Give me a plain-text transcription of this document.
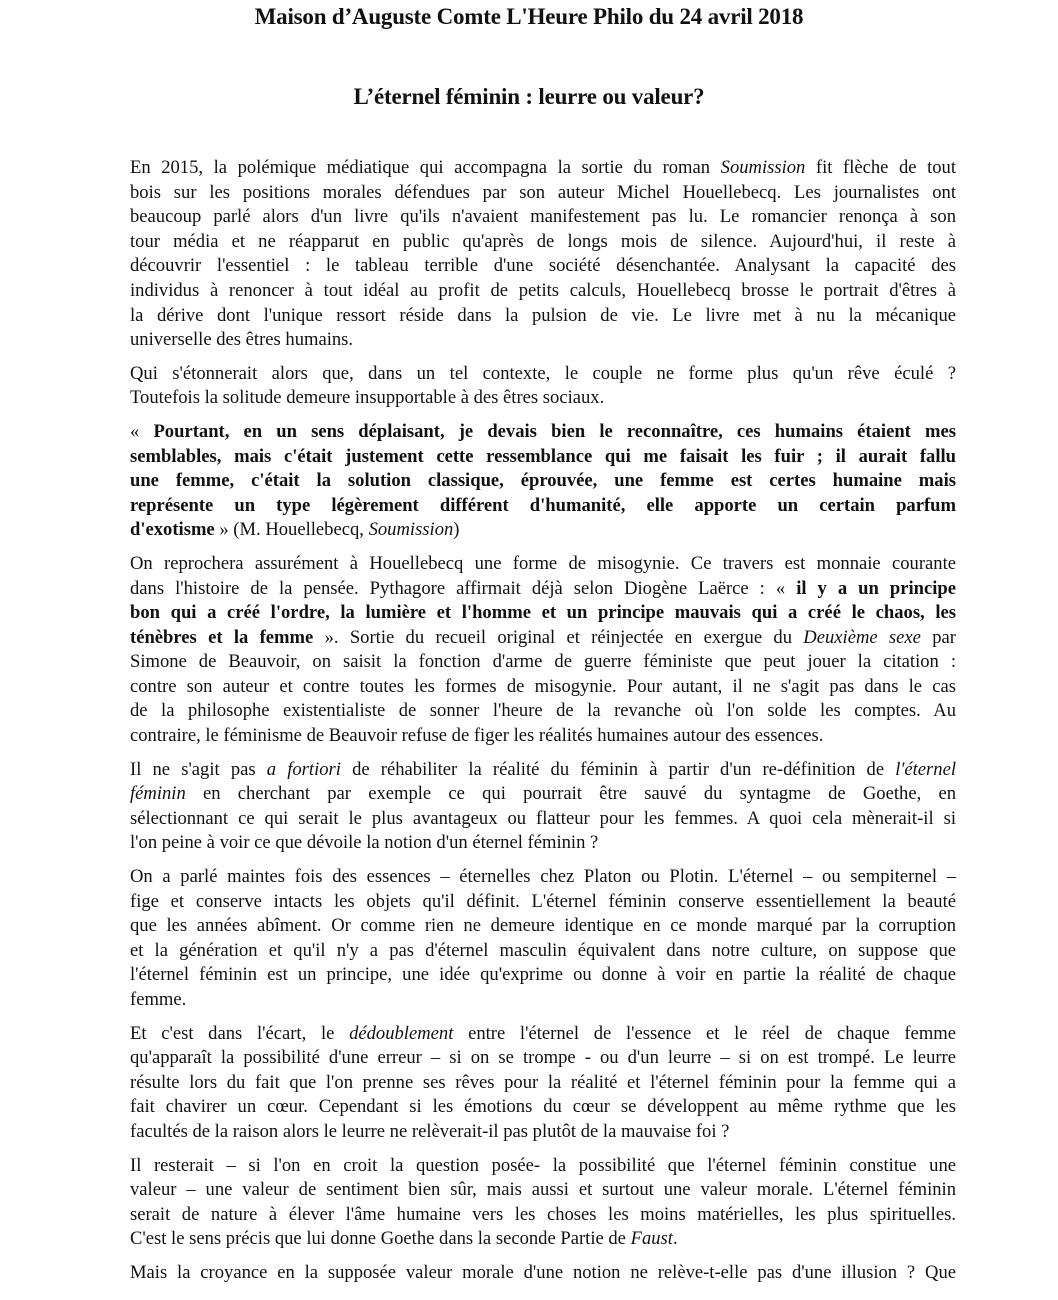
Maison d’Auguste Comte L'Heure Philo du 24 avril 2018
L’éternel féminin : leurre ou valeur?
En 2015, la polémique médiatique qui accompagna la sortie du roman Soumission fit flèche de tout
bois sur les positions morales défendues par son auteur Michel Houellebecq. Les journalistes ont
beaucoup parlé alors d'un livre qu'ils n'avaient manifestement pas lu. Le romancier renonça à son
tour média et ne réapparut en public qu'après de longs mois de silence. Aujourd'hui, il reste à
découvrir l'essentiel : le tableau terrible d'une société désenchantée. Analysant la capacité des
individus à renoncer à tout idéal au profit de petits calculs, Houellebecq brosse le portrait d'êtres à
la dérive dont l'unique ressort réside dans la pulsion de vie. Le livre met à nu la mécanique
universelle des êtres humains.
Qui s'étonnerait alors que, dans un tel contexte, le couple ne forme plus qu'un rêve éculé ?
Toutefois la solitude demeure insupportable à des êtres sociaux.
« Pourtant, en un sens déplaisant, je devais bien le reconnaître, ces humains étaient mes
semblables, mais c'était justement cette ressemblance qui me faisait les fuir ; il aurait fallu
une femme, c'était la solution classique, éprouvée, une femme est certes humaine mais
représente un type légèrement différent d'humanité, elle apporte un certain parfum
d'exotisme » (M. Houellebecq, Soumission)
On reprochera assurément à Houellebecq une forme de misogynie. Ce travers est monnaie courante
dans l'histoire de la pensée. Pythagore affirmait déjà selon Diogène Laërce : « il y a un principe
bon qui a créé l'ordre, la lumière et l'homme et un principe mauvais qui a créé le chaos, les
ténèbres et la femme ». Sortie du recueil original et réinjectée en exergue du Deuxième sexe par
Simone de Beauvoir, on saisit la fonction d'arme de guerre féministe que peut jouer la citation :
contre son auteur et contre toutes les formes de misogynie. Pour autant, il ne s'agit pas dans le cas
de la philosophe existentialiste de sonner l'heure de la revanche où l'on solde les comptes. Au
contraire, le féminisme de Beauvoir refuse de figer les réalités humaines autour des essences.
Il ne s'agit pas a fortiori de réhabiliter la réalité du féminin à partir d'un re-définition de l'éternel
féminin en cherchant par exemple ce qui pourrait être sauvé du syntagme de Goethe, en
sélectionnant ce qui serait le plus avantageux ou flatteur pour les femmes. A quoi cela mènerait-il si
l'on peine à voir ce que dévoile la notion d'un éternel féminin ?
On a parlé maintes fois des essences – éternelles chez Platon ou Plotin. L'éternel – ou sempiternel –
fige et conserve intacts les objets qu'il définit. L'éternel féminin conserve essentiellement la beauté
que les années abîment. Or comme rien ne demeure identique en ce monde marqué par la corruption
et la génération et qu'il n'y a pas d'éternel masculin équivalent dans notre culture, on suppose que
l'éternel féminin est un principe, une idée qu'exprime ou donne à voir en partie la réalité de chaque
femme.
Et c'est dans l'écart, le dédoublement entre l'éternel de l'essence et le réel de chaque femme
qu'apparaît la possibilité d'une erreur – si on se trompe - ou d'un leurre – si on est trompé. Le leurre
résulte lors du fait que l'on prenne ses rêves pour la réalité et l'éternel féminin pour la femme qui a
fait chavirer un cœur. Cependant si les émotions du cœur se développent au même rythme que les
facultés de la raison alors le leurre ne relèverait-il pas plutôt de la mauvaise foi ?
Il resterait – si l'on en croit la question posée- la possibilité que l'éternel féminin constitue une
valeur – une valeur de sentiment bien sûr, mais aussi et surtout une valeur morale. L'éternel féminin
serait de nature à élever l'âme humaine vers les choses les moins matérielles, les plus spirituelles.
C'est le sens précis que lui donne Goethe dans la seconde Partie de Faust.
Mais la croyance en la supposée valeur morale d'une notion ne relève-t-elle pas d'une illusion ? Que
